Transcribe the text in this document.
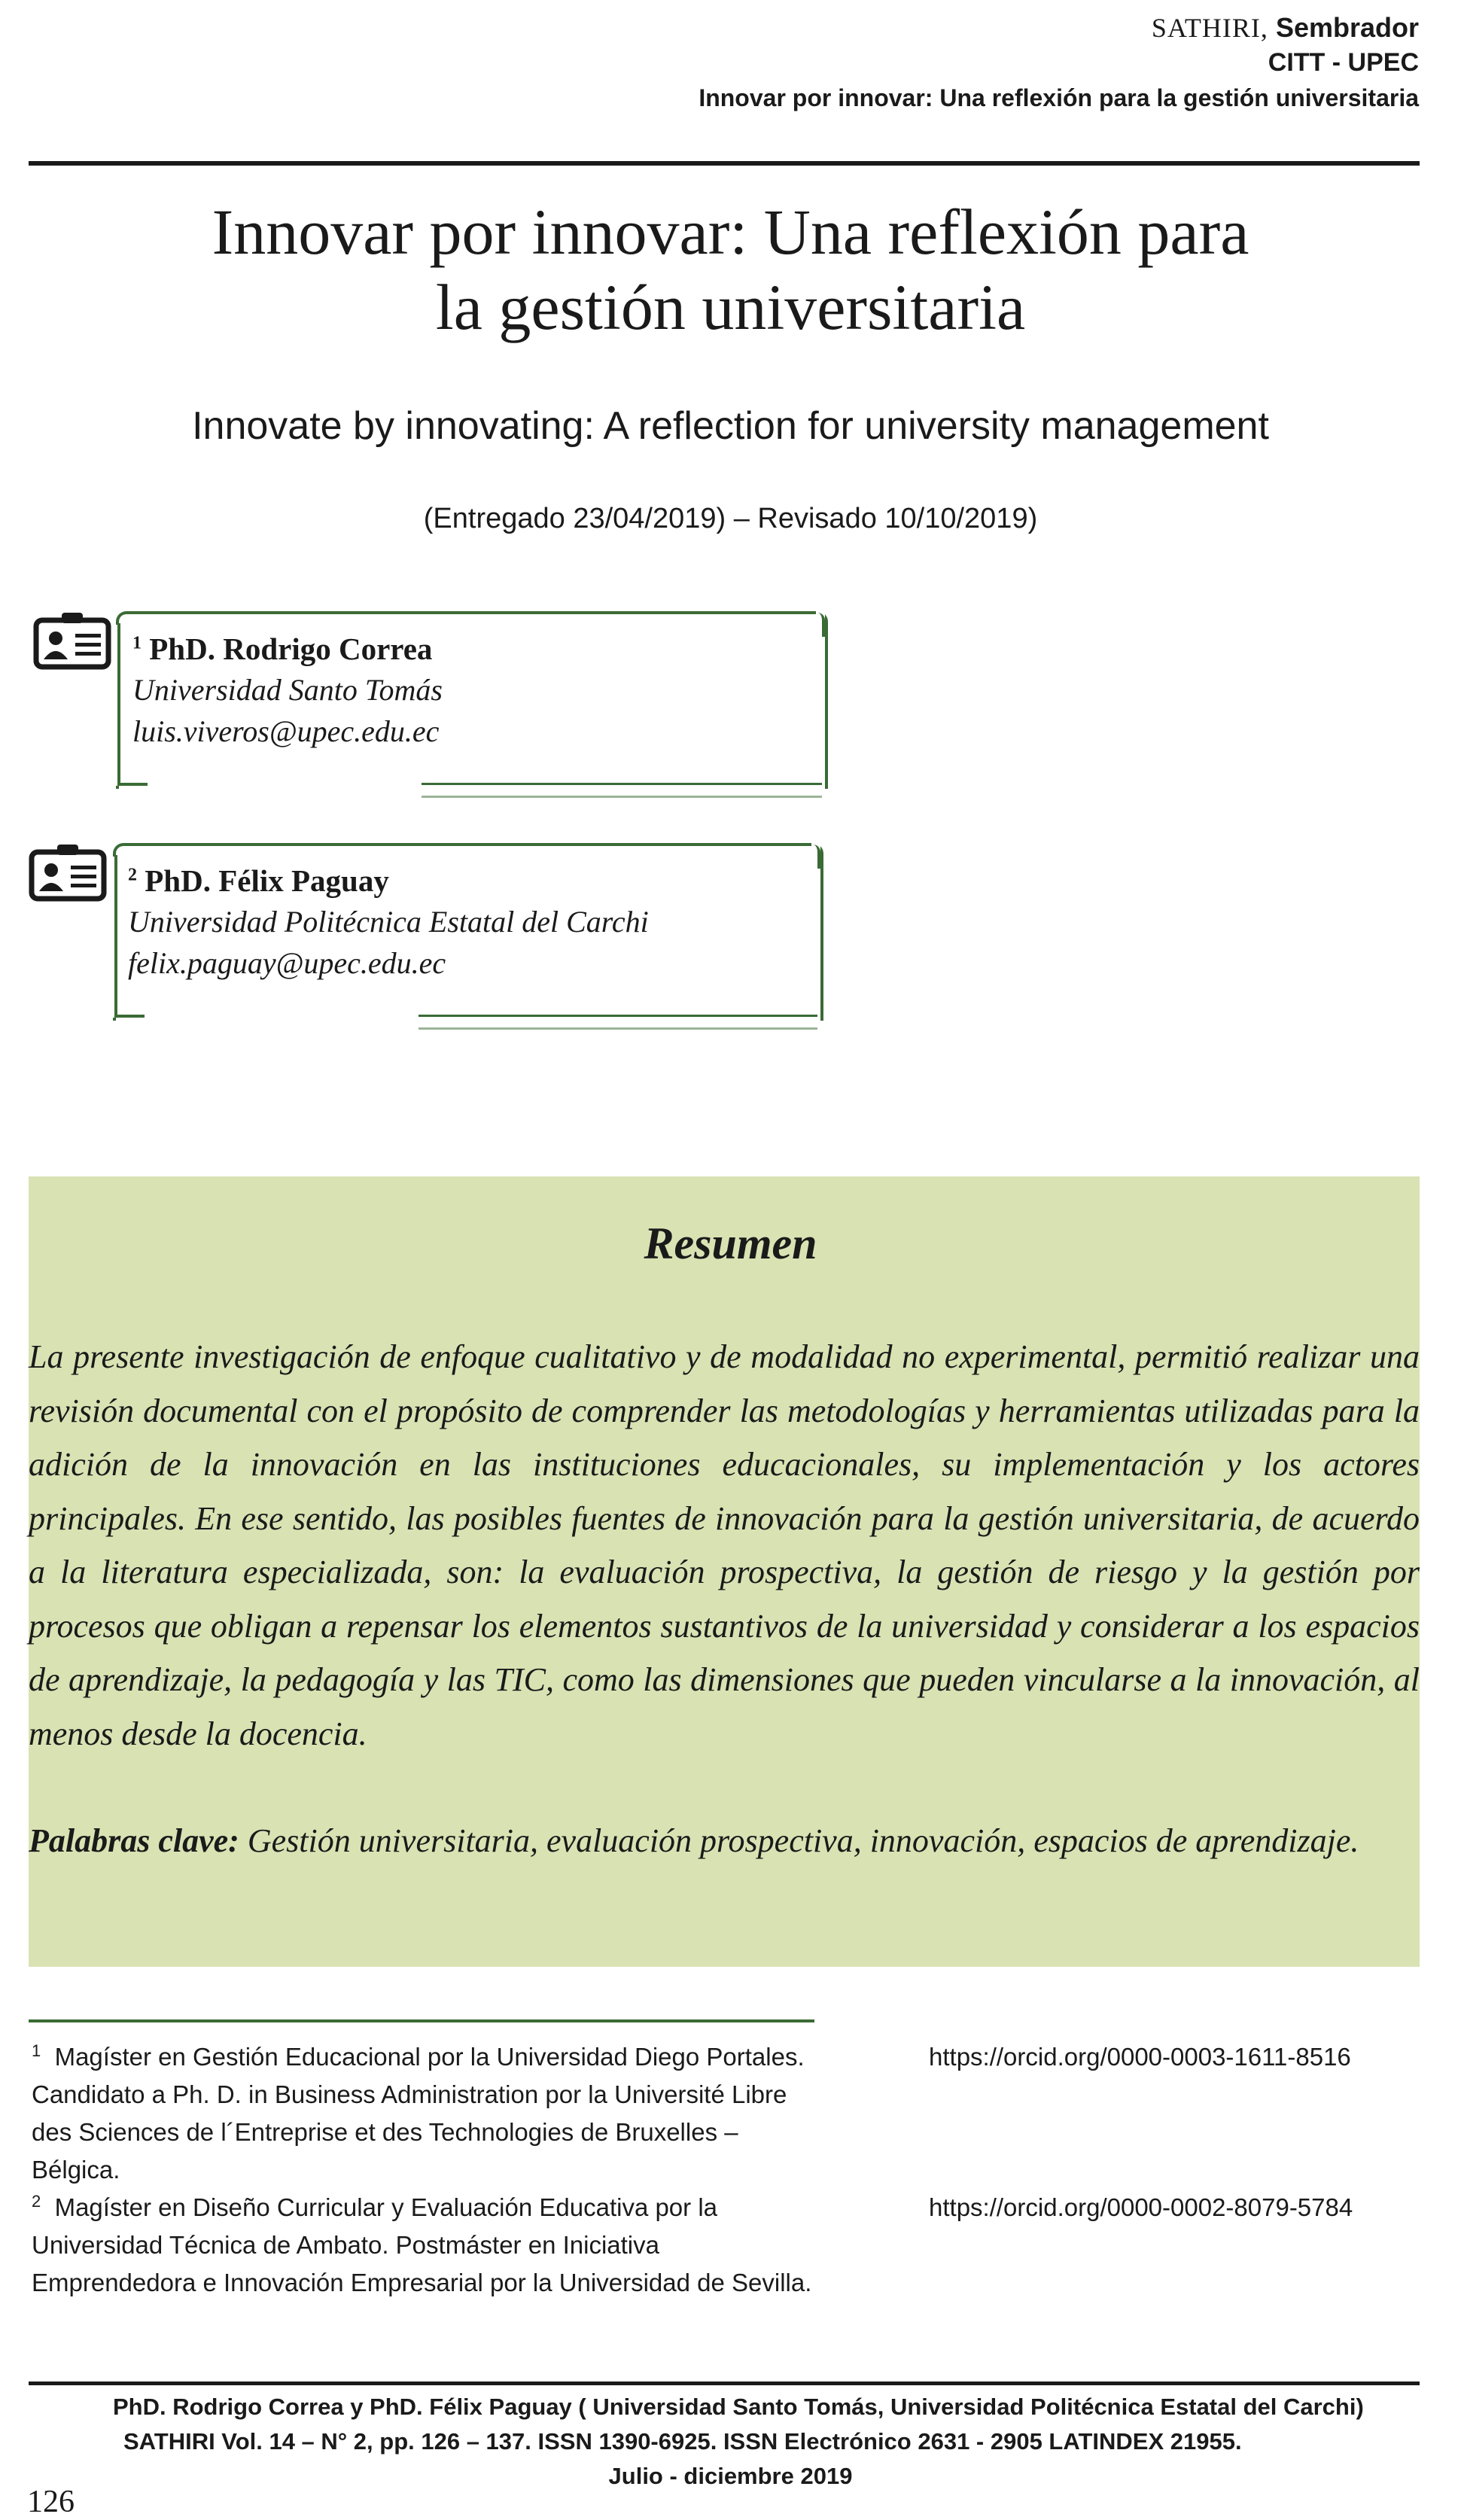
SATHIRI, Sembrador
CITT - UPEC
Innovar por innovar: Una reflexión para la gestión universitaria
Innovar por innovar: Una reflexión para
la gestión universitaria
Innovate by innovating: A reflection for university management
(Entregado 23/04/2019) – Revisado 10/10/2019)
$^1$ PhD. Rodrigo Correa
Universidad Santo Tomás
luis.viveros@upec.edu.ec
$^2$ PhD. Félix Paguay
Universidad Politécnica Estatal del Carchi
felix.paguay@upec.edu.ec
Resumen
La presente investigación de enfoque cualitativo y de modalidad no experimental, permitió realizar una revisión documental con el propósito de comprender las metodologías y herramientas utilizadas para la adición de la innovación en las instituciones educacionales, su implementación y los actores principales. En ese sentido, las posibles fuentes de innovación para la gestión universitaria, de acuerdo a la literatura especializada, son: la evaluación prospectiva, la gestión de riesgo y la gestión por procesos que obligan a repensar los elementos sustantivos de la universidad y considerar a los espacios de aprendizaje, la pedagogía y las TIC, como las dimensiones que pueden vincularse a la innovación, al menos desde la docencia.
Palabras clave: Gestión universitaria, evaluación prospectiva, innovación, espacios de aprendizaje.
$^1$ Magíster en Gestión Educacional por la Universidad Diego Portales. Candidato a Ph. D. in Business Administration por la Université Libre des Sciences de l´Entreprise et des Technologies de Bruxelles – Bélgica.
$^2$ Magíster en Diseño Curricular y Evaluación Educativa por la Universidad Técnica de Ambato. Postmáster en Iniciativa Emprendedora e Innovación Empresarial por la Universidad de Sevilla.
https://orcid.org/0000-0003-1611-8516
https://orcid.org/0000-0002-8079-5784
PhD. Rodrigo Correa y PhD. Félix Paguay ( Universidad Santo Tomás, Universidad Politécnica Estatal del Carchi)
SATHIRI Vol. 14 – N° 2, pp. 126 – 137. ISSN 1390-6925. ISSN Electrónico 2631 - 2905 LATINDEX 21955.
Julio - diciembre 2019
126
